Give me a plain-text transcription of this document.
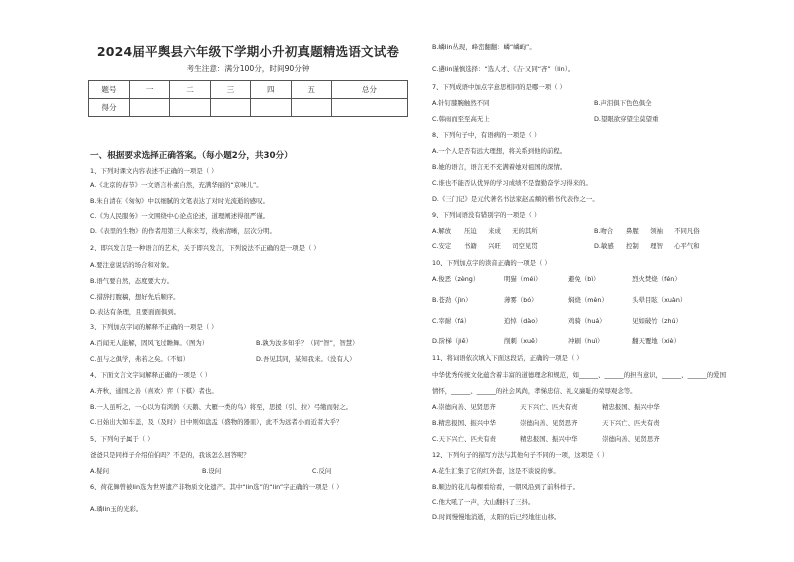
2024届平舆县六年级下学期小升初真题精选语文试卷
考生注意：满分100分，时间90分钟
题号	一	二	三	四	五	总分
得分						
一、根据要求选择正确答案。（每小题2分，共30分）
1、下列对课文内容表述不正确的一项是（ ）
A.《北京的春节》一文语言朴素自然，充满华丽的“京味儿”。
B.朱自清在《匆匆》中以细腻的文笔表达了对时光流逝的感叹。
C.《为人民服务》一文围绕中心论点论述，道理阐述得很严谨。
D.《表里的生物》的作者用第三人称来写，线索清晰，层次分明。
2、即兴发言是一种语言的艺术，关于即兴发言，下列说法不正确的是一项是（ ）
A.要注意说话的场合和对象。
B.语气要自然，态度要大方。
C.措辞打腹稿，想好先后顺序。
D.表达有条理，且要面面俱到。
3、下列加点字词的解释不正确的一项是（ ）
A.百闻无人能解，固风飞过瞻舞。（图为）	B.孰为汝多知乎？（同“智”，智慧）
C.虽与之俱学，弗若之矣。（不如）	D.吾见其同，某知我来。（没有人）
4、下面文言文字词解释正确的一项是（ ）
A.齐秋，通国之善（喜欢）弈（下棋）者也。
B.一人虽听之，一心以为有鸿鹄（天鹅、大雁一类的鸟）将至，思援（引、拉）弓缴而射之。
C.日始出大如车盖，及（及时）日中则如盘盂（盛物的器皿），此不为远者小而近者大乎？
5、下列句子属于（ ）
爸爸只是同样子介绍伯伯吗？不是的，我该怎么回答呢？
A.疑问	B.设问	C.反问
6、荷花舞曾被lin选为世界遗产非物质文化遗产。其中“lin选”的“lin”字正确的一项是（ ）
A.璘lin玉的光彩。
B.嶙lin丛现，峰峦翻翻：嶙“嶙峋”。
C.遴lin谨慎选择：“选人才、《吉·又同“吝”（lin）。
7、下列成语中加点字意思相同的是哪一项（ ）
A.针钉膝腕触然不同	B.声泪俱下色色俱全
C.韩雨而至至高无上	D.望眼欲穿望尘莫望重
8、下列句子中，有语病的一项是（ ）
A.一个人是否有远大理想，将关系到他的前程。
B.她的语言，语言无不充满着她对祖国的深情。
C.谁也不能否认优异的学习成绩不是靠勤奋学习得来的。
D.《三门记》是元代著名书法家赵孟頫的楷书代表作之一。
9、下列词语没有错别字的一项是（ ）
A.解放 压迫 来成 无的其所	B.吻合 鼻腥 领袖 不同凡俗
C.安定 书籍 兴旺 司空见贯	D.敏感 控制 理智 心平气和
10、下列加点字的读音正确的一项是（ ）
A.俊恶（zèng）	明猫（méi）	避免（bì）	烈火焚烧（fén）
B.苍劲（jìn）	薄雾（bó）	焖烧（mèn）	头晕目眩（xuàn）
C.宰耐（fá）	追悼（dào）	鸡骑（huá）	见如破竹（zhú）
D.阶梯（jiē）	削刺（xuē）	冲刷（huì）	翻天覆地（xiè）
11、将词语依次填入下面这段话，正确的一项是（ ）
中华优秀传统文化蕴含着丰富的道德理念和规范，如______、______的担当意识，______、______的爱国
情怀，______、______的社会风尚，孝悌忠信、礼义廉耻的荣辱观念等。
A.崇德向善、见贤思齐	天下兴亡、匹夫有责	精忠报国、振兴中华
B.精忠报国、振兴中华	崇德向善、见贤思齐	天下兴亡、匹夫有责
C.天下兴亡、匹夫有责	精忠报国、振兴中华	崇德向善、见贤思齐
12、下列句子的描写方法与其他句子不同的一项，这项是（ ）
A.花生汇集了它的红外套，这是不谈说的事。
B.顺边的花儿每棵看给看，一朝风沿到了前科样子。
C.他大吼了一声，大山翻抖了三抖。
D.时间慢慢地消逝，太阳的后已经地往山移。
